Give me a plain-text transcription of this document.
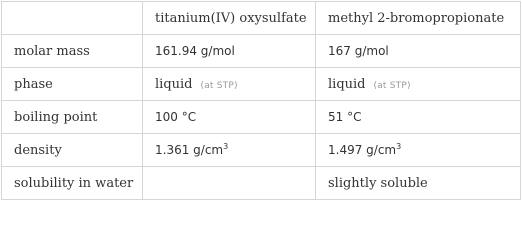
	titanium(IV) oxysulfate	methyl 2-bromopropionate
molar mass	161.94 g/mol	167 g/mol
phase	liquid (at STP)	liquid (at STP)
boiling point	100 °C	51 °C
density	1.361 $g/cm^3$	1.497 $g/cm^3$
solubility in water		slightly soluble
